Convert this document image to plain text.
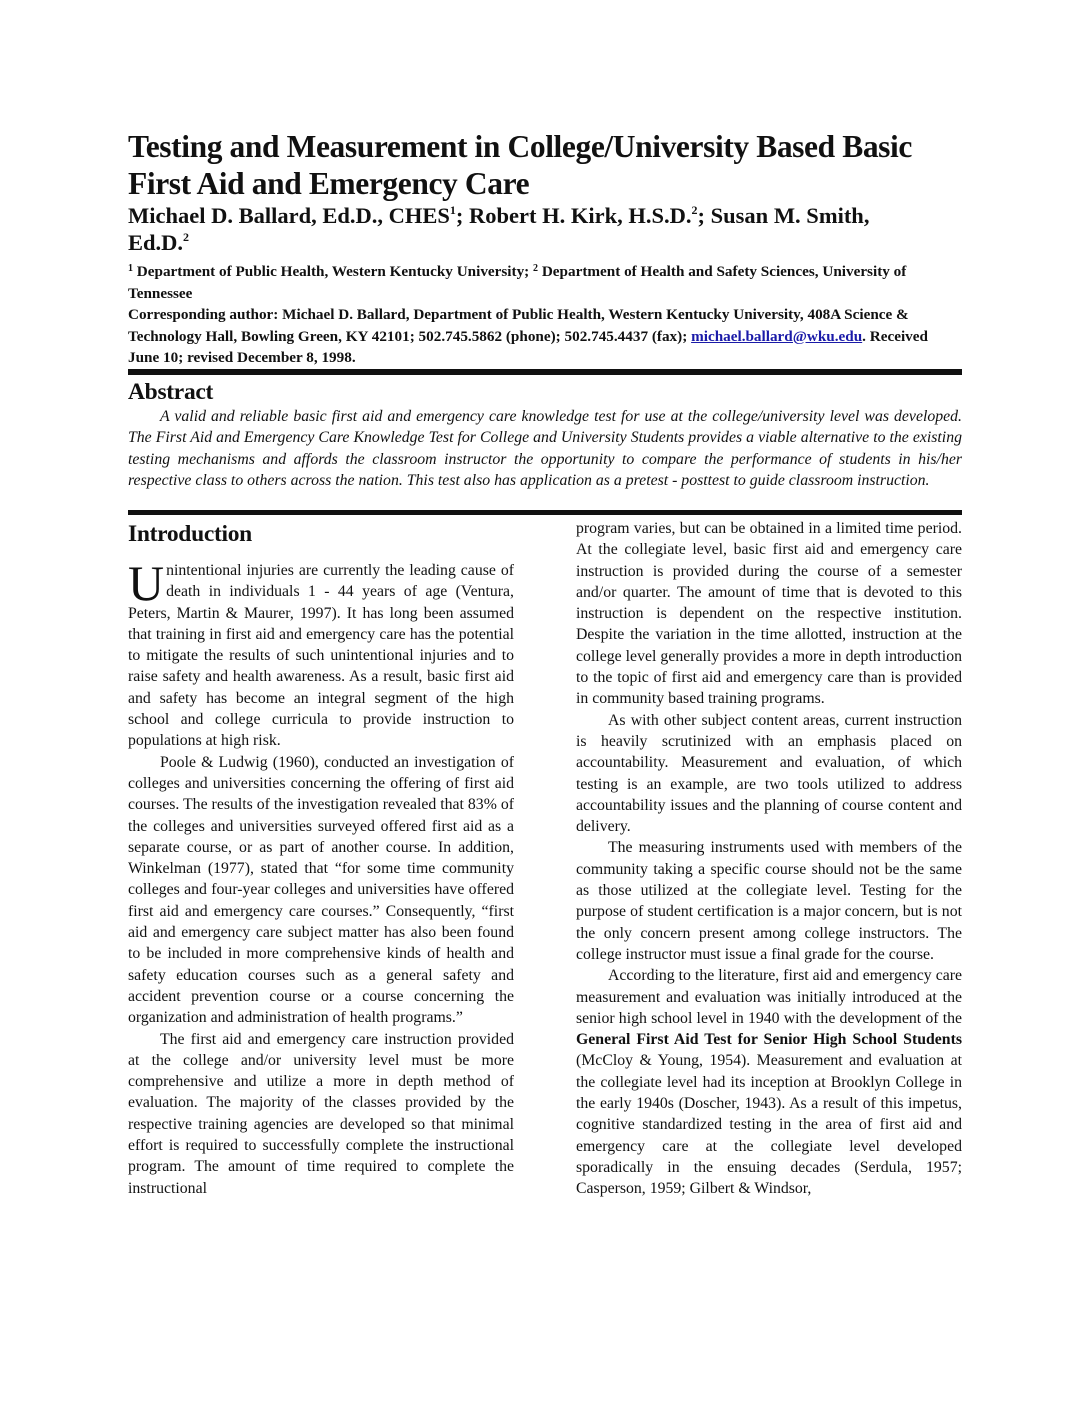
Testing and Measurement in College/University Based Basic
First Aid and Emergency Care
Michael D. Ballard, Ed.D., CHES$^1$; Robert H. Kirk, H.S.D.$^2$; Susan M. Smith,
Ed.D.$^2$
$^1$ Department of Public Health, Western Kentucky University; $^2$ Department of Health and Safety Sciences, University of Tennessee
Corresponding author: Michael D. Ballard, Department of Public Health, Western Kentucky University, 408A Science & Technology Hall, Bowling Green, KY 42101; 502.745.5862 (phone); 502.745.4437 (fax); michael.ballard@wku.edu. Received June 10; revised December 8, 1998.
Abstract

A valid and reliable basic first aid and emergency care knowledge test for use at the college/university level was developed. The First Aid and Emergency Care Knowledge Test for College and University Students provides a viable alternative to the existing testing mechanisms and affords the classroom instructor the opportunity to compare the performance of students in his/her respective class to others across the nation. This test also has application as a pretest - posttest to guide classroom instruction.

Introduction

Unintentional injuries are currently the leading cause of death in individuals 1 - 44 years of age (Ventura, Peters, Martin & Maurer, 1997). It has long been assumed that training in first aid and emergency care has the potential to mitigate the results of such unintentional injuries and to raise safety and health awareness. As a result, basic first aid and safety has become an integral segment of the high school and college curricula to provide instruction to populations at high risk.

Poole & Ludwig (1960), conducted an investigation of colleges and universities concerning the offering of first aid courses. The results of the investigation revealed that 83% of the colleges and universities surveyed offered first aid as a separate course, or as part of another course. In addition, Winkelman (1977), stated that “for some time community colleges and four-year colleges and universities have offered first aid and emergency care courses.” Consequently, “first aid and emergency care subject matter has also been found to be included in more comprehensive kinds of health and safety education courses such as a general safety and accident prevention course or a course concerning the organization and administration of health programs.”

The first aid and emergency care instruction provided at the college and/or university level must be more comprehensive and utilize a more in depth method of evaluation. The majority of the classes provided by the respective training agencies are developed so that minimal effort is required to successfully complete the instructional program. The amount of time required to complete the instructional

program varies, but can be obtained in a limited time period. At the collegiate level, basic first aid and emergency care instruction is provided during the course of a semester and/or quarter. The amount of time that is devoted to this instruction is dependent on the respective institution. Despite the variation in the time allotted, instruction at the college level generally provides a more in depth introduction to the topic of first aid and emergency care than is provided in community based training programs.

As with other subject content areas, current instruction is heavily scrutinized with an emphasis placed on accountability. Measurement and evaluation, of which testing is an example, are two tools utilized to address accountability issues and the planning of course content and delivery.

The measuring instruments used with members of the community taking a specific course should not be the same as those utilized at the collegiate level. Testing for the purpose of student certification is a major concern, but is not the only concern present among college instructors. The college instructor must issue a final grade for the course.

According to the literature, first aid and emergency care measurement and evaluation was initially introduced at the senior high school level in 1940 with the development of the General First Aid Test for Senior High School Students (McCloy & Young, 1954). Measurement and evaluation at the collegiate level had its inception at Brooklyn College in the early 1940s (Doscher, 1943). As a result of this impetus, cognitive standardized testing in the area of first aid and emergency care at the collegiate level developed sporadically in the ensuing decades (Serdula, 1957; Casperson, 1959; Gilbert & Windsor,
